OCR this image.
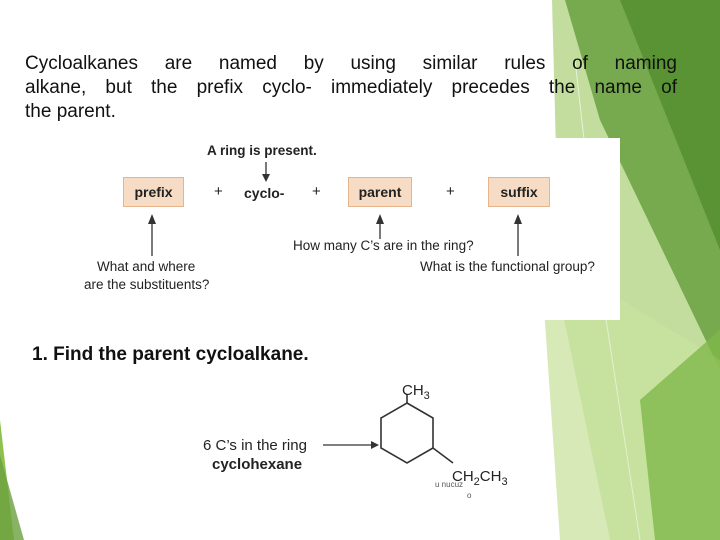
Cycloalkanes are named by using similar rules of naming
alkane, but the prefix cyclo- immediately precedes the name of
the parent.
A ring is present.
prefix	+ cyclo- +	parent	+	suffix
How many C’s are in the ring?
What is the functional group?
What and where
are the substituents?
1. Find the parent cycloalkane.
6 C’s in the ring
cyclohexane
$CH_3$
$CH_2CH_3$
u nucuz
o
